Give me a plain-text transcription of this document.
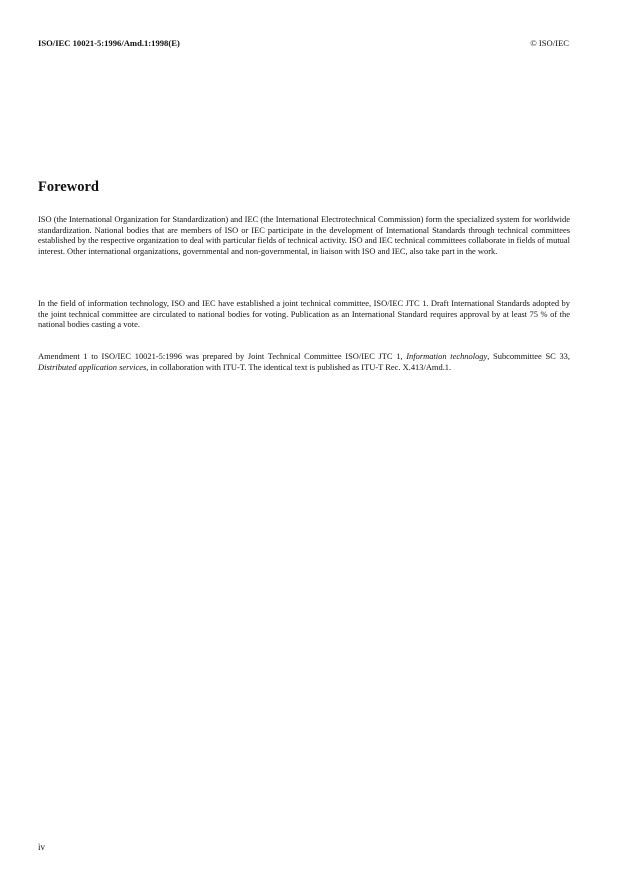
ISO/IEC 10021-5:1996/Amd.1:1998(E)	© ISO/IEC
Foreword

ISO (the International Organization for Standardization) and IEC (the International Electrotechnical Commission) form the specialized system for worldwide standardization. National bodies that are members of ISO or IEC participate in the development of International Standards through technical committees established by the respective organization to deal with particular fields of technical activity. ISO and IEC technical committees collaborate in fields of mutual interest. Other international organizations, governmental and non-governmental, in liaison with ISO and IEC, also take part in the work.

In the field of information technology, ISO and IEC have established a joint technical committee, ISO/IEC JTC 1. Draft International Standards adopted by the joint technical committee are circulated to national bodies for voting. Publication as an International Standard requires approval by at least 75 % of the national bodies casting a vote.

Amendment 1 to ISO/IEC 10021-5:1996 was prepared by Joint Technical Committee ISO/IEC JTC 1, Information technology, Subcommittee SC 33, Distributed application services, in collaboration with ITU-T. The identical text is published as ITU-T Rec. X.413/Amd.1.

iv
